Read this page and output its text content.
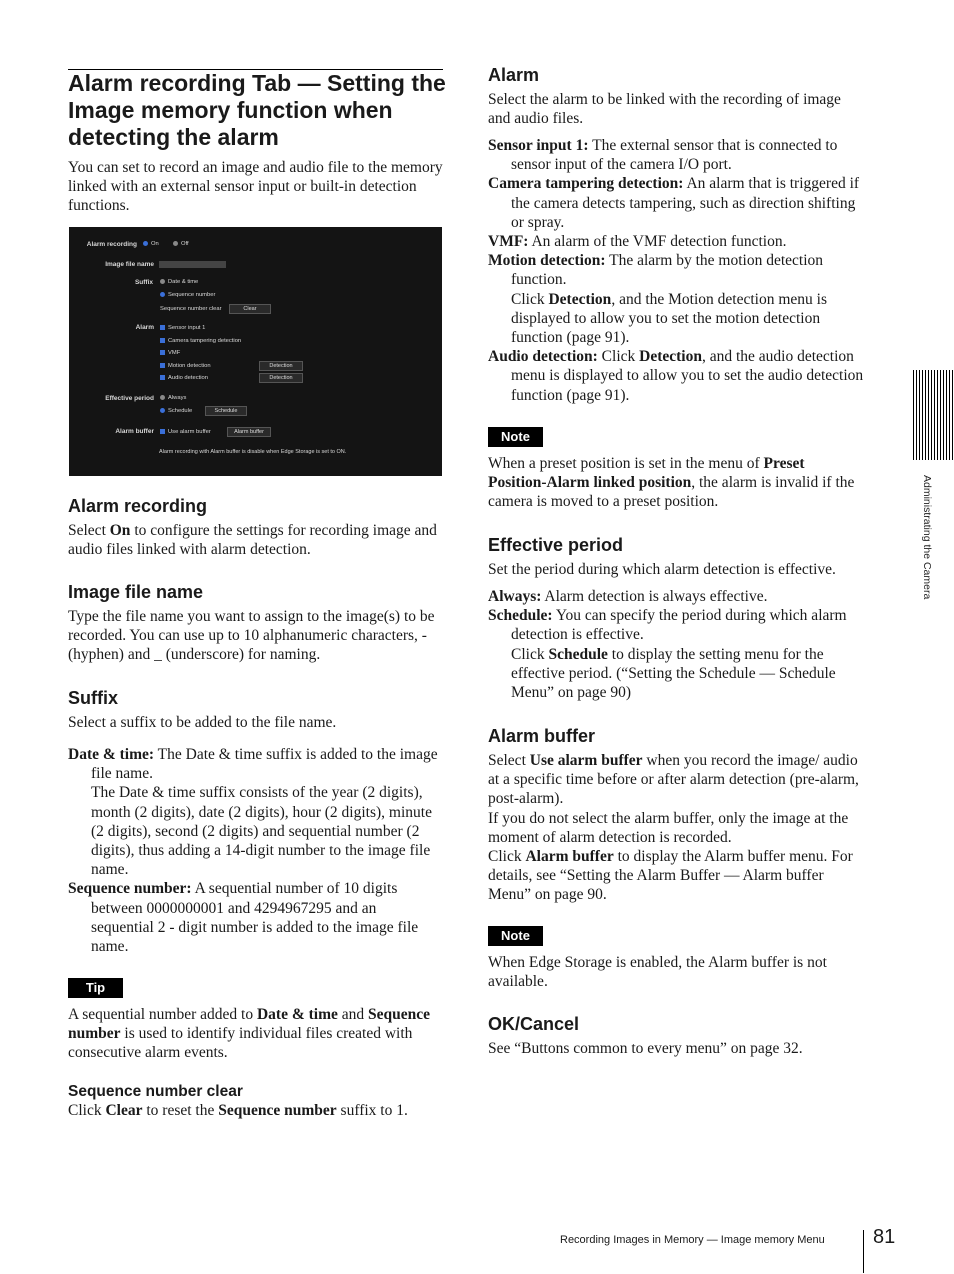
Alarm recording Tab — Setting the Image memory function when detecting the alarm

You can set to record an image and audio file to the memory linked with an external sensor input or built-in detection functions.

Alarm recording	On	Off
Image file name
Suffix	Date & time
Sequence number
Sequence number clear	Clear
Alarm	Sensor input 1
Camera tampering detection
VMF
Motion detection	Detection
Audio detection	Detection
Effective period	Always
Schedule	Schedule
Alarm buffer	Use alarm buffer	Alarm buffer
Alarm recording with Alarm buffer is disable when Edge Storage is set to ON.
Alarm recording

Select On to configure the settings for recording image and audio files linked with alarm detection.

Image file name

Type the file name you want to assign to the image(s) to be recorded. You can use up to 10 alphanumeric characters, - (hyphen) and _ (underscore) for naming.

Suffix

Select a suffix to be added to the file name.

Date & time: The Date & time suffix is added to the image file name.
The Date & time suffix consists of the year (2 digits), month (2 digits), date (2 digits), hour (2 digits), minute (2 digits), second (2 digits) and sequential number (2 digits), thus adding a 14-digit number to the image file name.
Sequence number: A sequential number of 10 digits between 0000000001 and 4294967295 and an sequential 2 - digit number is added to the image file name.
Tip

A sequential number added to Date & time and Sequence number is used to identify individual files created with consecutive alarm events.

Sequence number clear

Click Clear to reset the Sequence number suffix to 1.

Alarm

Select the alarm to be linked with the recording of image and audio files.

Sensor input 1: The external sensor that is connected to sensor input of the camera I/O port.
Camera tampering detection: An alarm that is triggered if the camera detects tampering, such as direction shifting or spray.
VMF: An alarm of the VMF detection function.
Motion detection: The alarm by the motion detection function.
Click Detection, and the Motion detection menu is displayed to allow you to set the motion detection function (page 91).
Audio detection: Click Detection, and the audio detection menu is displayed to allow you to set the audio detection function (page 91).
Note

When a preset position is set in the menu of Preset Position-Alarm linked position, the alarm is invalid if the camera is moved to a preset position.

Effective period

Set the period during which alarm detection is effective.

Always: Alarm detection is always effective.
Schedule: You can specify the period during which alarm detection is effective.
Click Schedule to display the setting menu for the effective period. (“Setting the Schedule — Schedule Menu” on page 90)
Alarm buffer
Select Use alarm buffer when you record the image/ audio at a specific time before or after alarm detection (pre-alarm, post-alarm).
If you do not select the alarm buffer, only the image at the moment of alarm detection is recorded.
Click Alarm buffer to display the Alarm buffer menu. For details, see “Setting the Alarm Buffer — Alarm buffer Menu” on page 90.
Note

When Edge Storage is enabled, the Alarm buffer is not available.

OK/Cancel

See “Buttons common to every menu” on page 32.

Administrating the Camera
Recording Images in Memory — Image memory Menu 81
